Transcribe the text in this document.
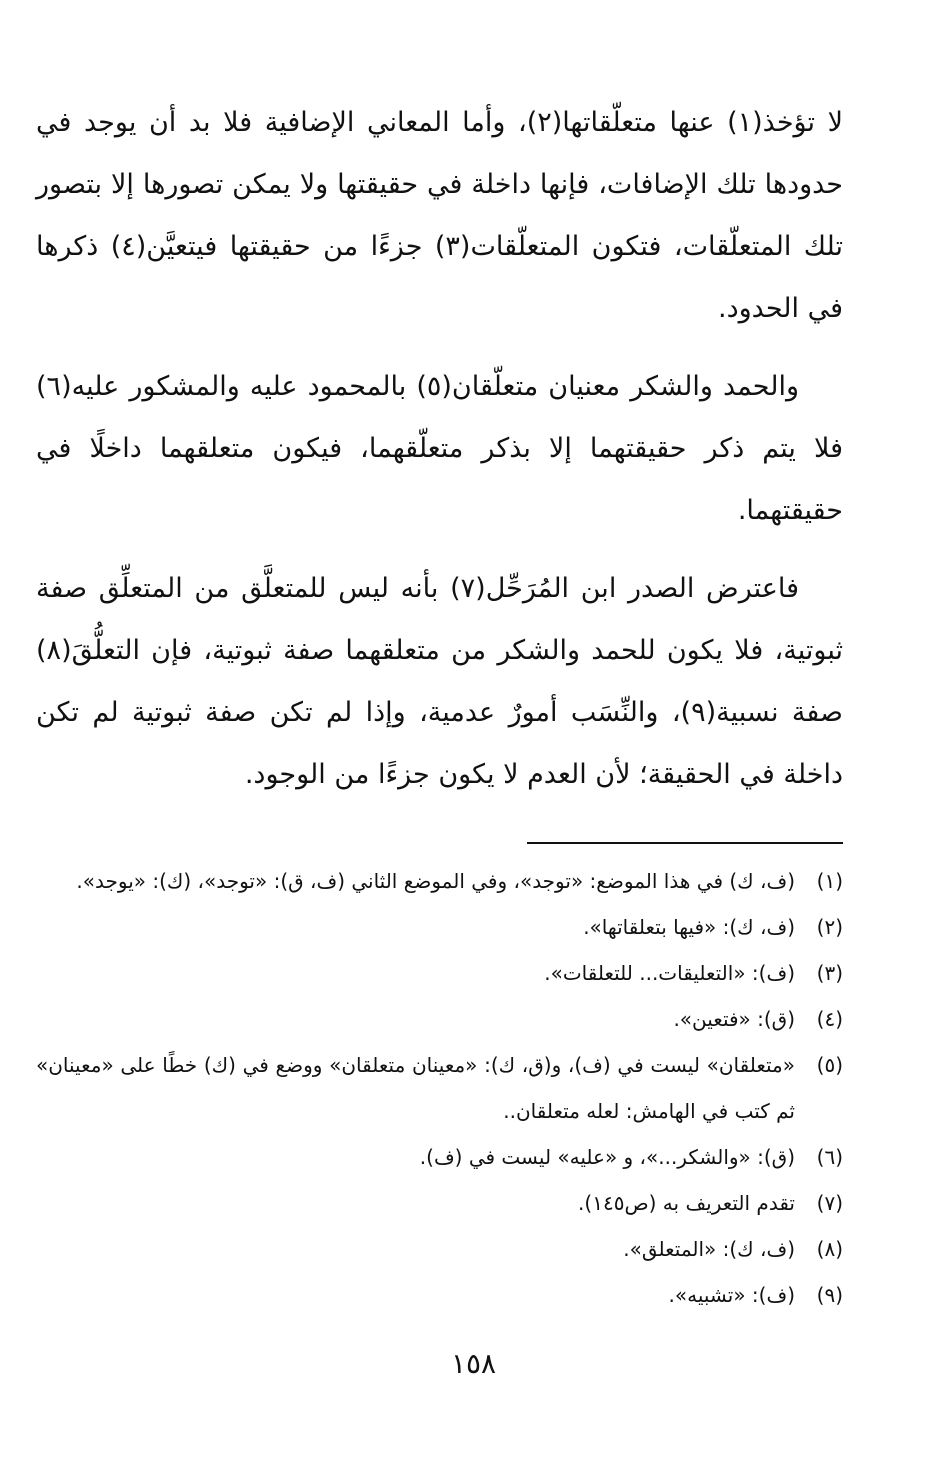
لا تؤخذ(١) عنها متعلّقاتها(٢)، وأما المعاني الإضافية فلا بد أن يوجد في حدودها تلك الإضافات، فإنها داخلة في حقيقتها ولا يمكن تصورها إلا بتصور تلك المتعلّقات، فتكون المتعلّقات(٣) جزءًا من حقيقتها فيتعيَّن(٤) ذكرها في الحدود.

والحمد والشكر معنيان متعلّقان(٥) بالمحمود عليه والمشكور عليه(٦) فلا يتم ذكر حقيقتهما إلا بذكر متعلّقهما، فيكون متعلقهما داخلًا في حقيقتهما.

فاعترض الصدر ابن المُرَحِّل(٧) بأنه ليس للمتعلَّق من المتعلِّق صفة ثبوتية، فلا يكون للحمد والشكر من متعلقهما صفة ثبوتية، فإن التعلُّقَ(٨) صفة نسبية(٩)، والنِّسَب أمورٌ عدمية، وإذا لم تكن صفة ثبوتية لم تكن داخلة في الحقيقة؛ لأن العدم لا يكون جزءًا من الوجود.

(١)
(ف، ك) في هذا الموضع: «توجد»، وفي الموضع الثاني (ف، ق): «توجد»، (ك): «يوجد».
(٢)
(ف، ك): «فيها بتعلقاتها».
(٣)
(ف): «التعليقات... للتعلقات».
(٤)
(ق): «فتعين».
(٥)
«متعلقان» ليست في (ف)، و(ق، ك): «معينان متعلقان» ووضع في (ك) خطًا على «معينان» ثم كتب في الهامش: لعله متعلقان..
(٦)
(ق): «والشكر...»، و «عليه» ليست في (ف).
(٧)
تقدم التعريف به (ص١٤٥).
(٨)
(ف، ك): «المتعلق».
(٩)
(ف): «تشبيه».
١٥٨
